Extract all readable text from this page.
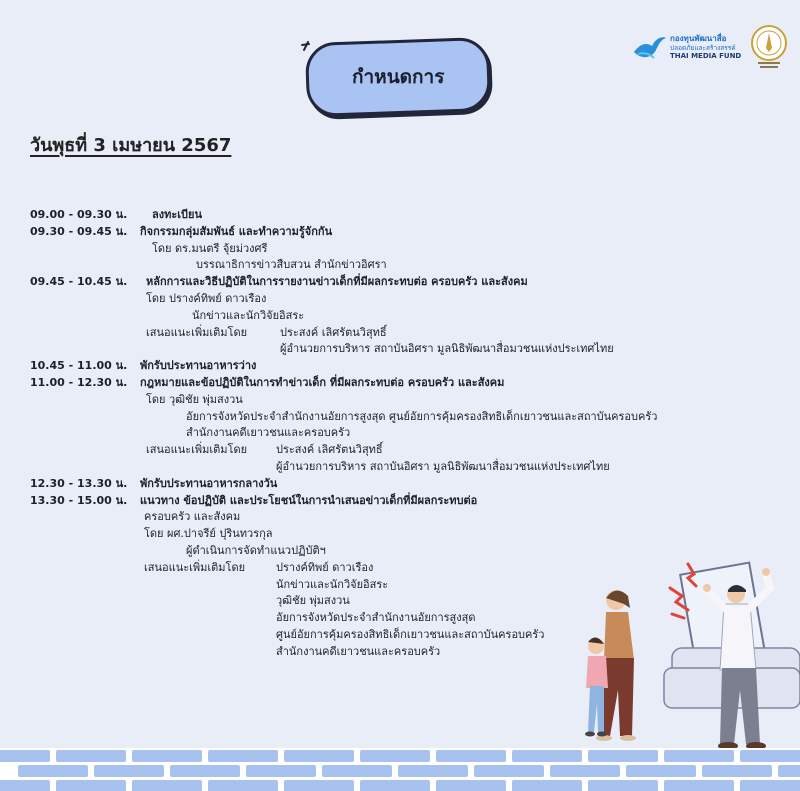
กำหนดการ
กองทุนพัฒนาสื่อ
ปลอดภัยและสร้างสรรค์
THAI MEDIA FUND
วันพุธที่ 3 เมษายน 2567
09.00 - 09.30 น. ลงทะเบียน
09.30 - 09.45 น. กิจกรรมกลุ่มสัมพันธ์ และทำความรู้จักกัน
โดย ดร.มนตรี จุ้ยม่วงศรี
บรรณาธิการข่าวสืบสวน สำนักข่าวอิศรา
09.45 - 10.45 น. หลักการและวิธีปฏิบัติในการรายงานข่าวเด็กที่มีผลกระทบต่อ ครอบครัว และสังคม
โดย ปรางค์ทิพย์ ดาวเรือง
นักข่าวและนักวิจัยอิสระ
เสนอแนะเพิ่มเติมโดย	ประสงค์ เลิศรัตนวิสุทธิ์
ผู้อำนวยการบริหาร สถาบันอิศรา มูลนิธิพัฒนาสื่อมวชนแห่งประเทศไทย
10.45 - 11.00 น. พักรับประทานอาหารว่าง
11.00 - 12.30 น. กฎหมายและข้อปฏิบัติในการทำข่าวเด็ก ที่มีผลกระทบต่อ ครอบครัว และสังคม
โดย วุฒิชัย พุ่มสงวน
อัยการจังหวัดประจำสำนักงานอัยการสูงสุด ศูนย์อัยการคุ้มครองสิทธิเด็กเยาวชนและสถาบันครอบครัว
สำนักงานคดีเยาวชนและครอบครัว
เสนอแนะเพิ่มเติมโดย	ประสงค์ เลิศรัตนวิสุทธิ์
ผู้อำนวยการบริหาร สถาบันอิศรา มูลนิธิพัฒนาสื่อมวชนแห่งประเทศไทย
12.30 - 13.30 น. พักรับประทานอาหารกลางวัน
13.30 - 15.00 น. แนวทาง ข้อปฏิบัติ และประโยชน์ในการนำเสนอข่าวเด็กที่มีผลกระทบต่อ
ครอบครัว และสังคม
โดย ผศ.ปาจรีย์ ปุรินทวรกุล
ผู้ดำเนินการจัดทำแนวปฏิบัติฯ
เสนอแนะเพิ่มเติมโดย	ปรางค์ทิพย์ ดาวเรือง
นักข่าวและนักวิจัยอิสระ
วุฒิชัย พุ่มสงวน
อัยการจังหวัดประจำสำนักงานอัยการสูงสุด
ศูนย์อัยการคุ้มครองสิทธิเด็กเยาวชนและสถาบันครอบครัว
สำนักงานคดีเยาวชนและครอบครัว
